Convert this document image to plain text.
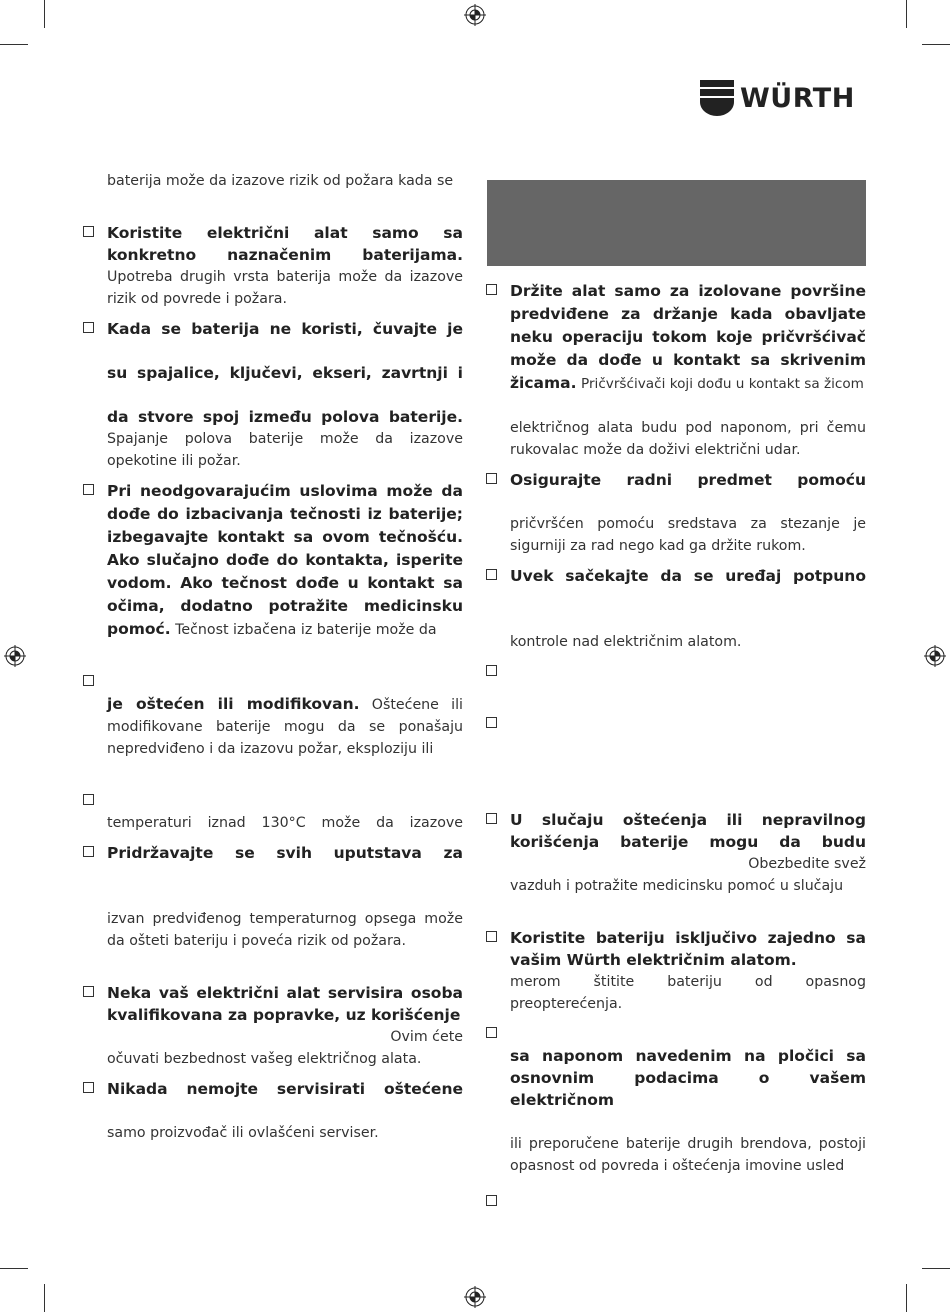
WÜRTH

baterija može da izazove rizik od požara kada se

Koristite električni alat samo sa

konkretno naznačenim baterijama.

Upotreba drugih vrsta baterija može da izazove rizik od povrede i požara.

Kada se baterija ne koristi, čuvajte je

su spajalice, ključevi, ekseri, zavrtnji i

da stvore spoj između polova baterije.

Spajanje polova baterije može da izazove opekotine ili požar.

Pri neodgovarajućim uslovima može da dođe do izbacivanja tečnosti iz baterije; izbegavajte kontakt sa ovom tečnošću. Ako slučajno dođe do kontakta, isperite vodom. Ako tečnost dođe u kontakt sa očima, dodatno potražite medicinsku pomoć. Tečnost izbačena iz baterije može da

je oštećen ili modifikovan. Oštećene ili modifikovane baterije mogu da se ponašaju nepredviđeno i da izazovu požar, eksploziju ili

temperaturi iznad 130°C može da izazove

Pridržavajte se svih uputstava za

izvan predviđenog temperaturnog opsega može da ošteti bateriju i poveća rizik od požara.

Neka vaš električni alat servisira osoba kvalifikovana za popravke, uz korišćenje

Ovim ćete

očuvati bezbednost vašeg električnog alata.

Nikada nemojte servisirati oštećene

samo proizvođač ili ovlašćeni serviser.

Držite alat samo za izolovane površine predviđene za držanje kada obavljate neku operaciju tokom koje pričvršćivač može da dođe u kontakt sa skrivenim žicama. Pričvršćivači koji dođu u kontakt sa žicom

električnog alata budu pod naponom, pri čemu rukovalac može da doživi električni udar.

Osigurajte radni predmet pomoću

pričvršćen pomoću sredstava za stezanje je sigurniji za rad nego kad ga držite rukom.

Uvek sačekajte da se uređaj potpuno

kontrole nad električnim alatom.

U slučaju oštećenja ili nepravilnog korišćenja baterije mogu da budu

Obezbedite svež

vazduh i potražite medicinsku pomoć u slučaju

Koristite bateriju isključivo zajedno sa vašim Würth električnim alatom.

merom štitite bateriju od opasnog preopterećenja.

sa naponom navedenim na pločici sa osnovnim podacima o vašem električnom

ili preporučene baterije drugih brendova, postoji opasnost od povreda i oštećenja imovine usled
